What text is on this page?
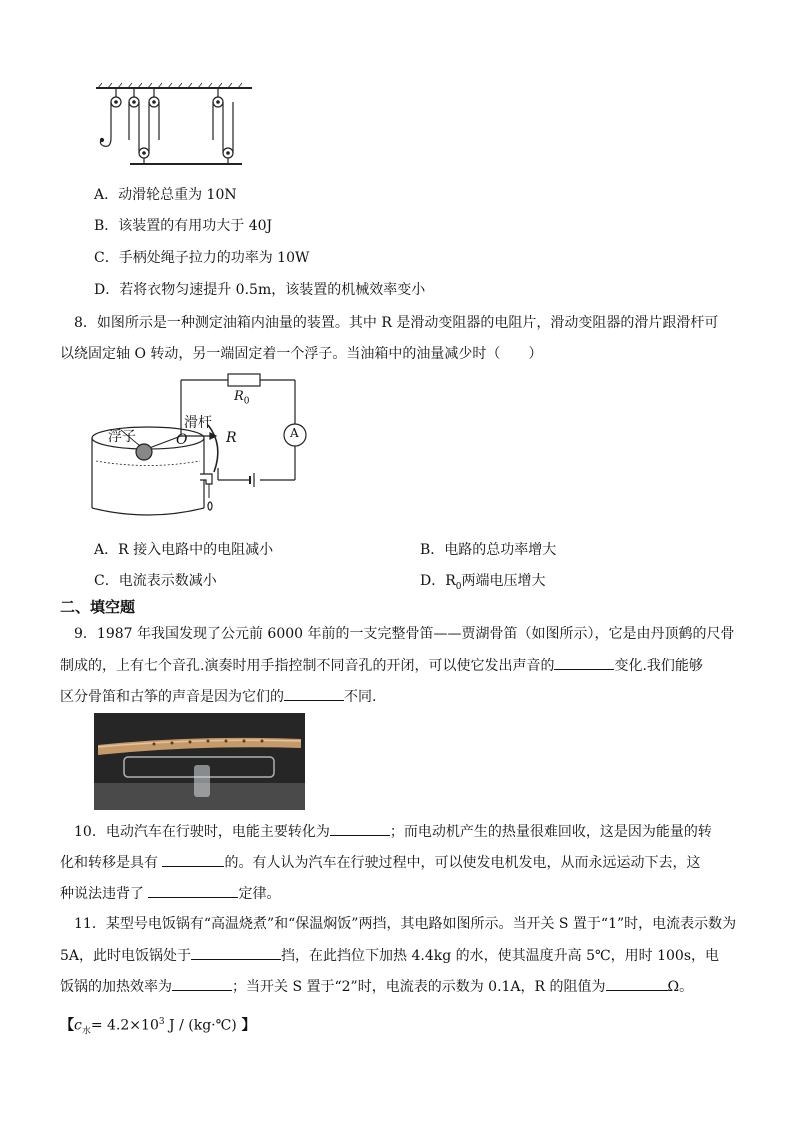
A．动滑轮总重为 10N
B．该装置的有用功大于 40J
C．手柄处绳子拉力的功率为 10W
D．若将衣物匀速提升 0.5m，该装置的机械效率变小
8．如图所示是一种测定油箱内油量的装置。其中 R 是滑动变阻器的电阻片，滑动变阻器的滑片跟滑杆可
以绕固定轴 O 转动，另一端固定着一个浮子。当油箱中的油量减少时（　　）
浮子
滑杆
O	R
$R_0$
A
A．R 接入电路中的电阻减小	B．电路的总功率增大
C．电流表示数减小	D．$R_0$两端电压增大
二、填空题
9．1987 年我国发现了公元前 6000 年前的一支完整骨笛——贾湖骨笛（如图所示），它是由丹顶鹤的尺骨
制成的，上有七个音孔.演奏时用手指控制不同音孔的开闭，可以使它发出声音的	变化.我们能够
区分骨笛和古筝的声音是因为它们的	不同.
10．电动汽车在行驶时，电能主要转化为	；而电动机产生的热量很难回收，这是因为能量的转
化和转移是具有	的。有人认为汽车在行驶过程中，可以使发电机发电，从而永远运动下去，这
种说法违背了	定律。
11．某型号电饭锅有“高温烧煮”和“保温焖饭”两挡，其电路如图所示。当开关 S 置于“1”时，电流表示数为
5A，此时电饭锅处于	挡，在此挡位下加热 4.4kg 的水，使其温度升高 5℃，用时 100s，电
饭锅的加热效率为	；当开关 S 置于“2”时，电流表的示数为 0.1A，R 的阻值为	Ω。
【$c_水= 4.2\times 10^3$ J / (kg·℃) 】
